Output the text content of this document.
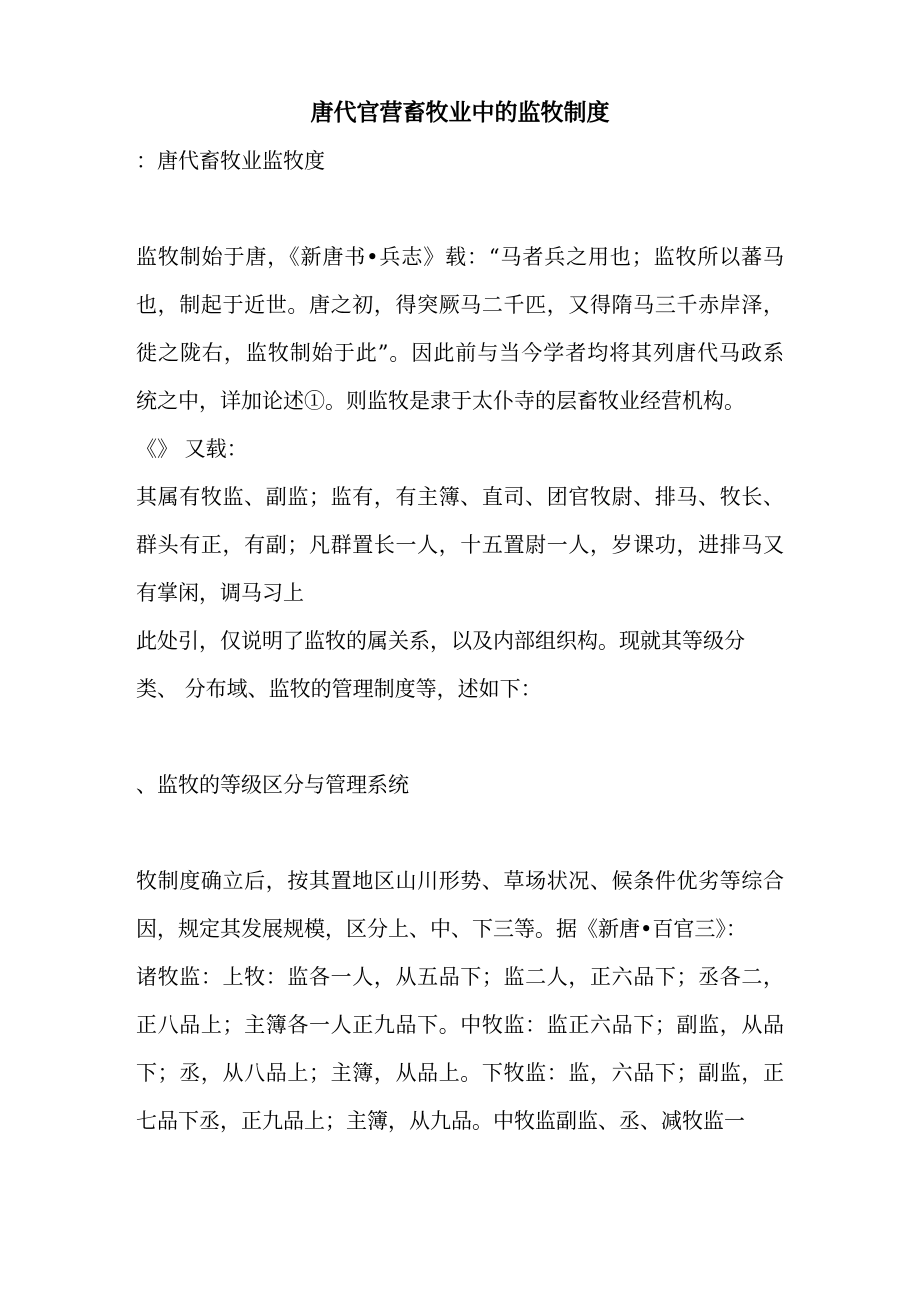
唐代官营畜牧业中的监牧制度

：唐代畜牧业监牧度

监牧制始于唐，《新唐书•兵志》载：“马者兵之用也；监牧所以蕃马

也，制起于近世。唐之初，得突厥马二千匹，又得隋马三千赤岸泽，

徙之陇右，监牧制始于此”。因此前与当今学者均将其列唐代马政系

统之中，详加论述①。则监牧是隶于太仆寺的层畜牧业经营机构。

《》 又载：

其属有牧监、副监；监有，有主簿、直司、团官牧尉、排马、牧长、

群头有正，有副；凡群置长一人，十五置尉一人，岁课功，进排马又

有掌闲，调马习上

此处引，仅说明了监牧的属关系，以及内部组织构。现就其等级分

类、 分布域、监牧的管理制度等，述如下：

、监牧的等级区分与管理系统

牧制度确立后，按其置地区山川形势、草场状况、候条件优劣等综合

因，规定其发展规模，区分上、中、下三等。据《新唐•百官三》：

诸牧监：上牧：监各一人，从五品下；监二人，正六品下；丞各二，

正八品上；主簿各一人正九品下。中牧监：监正六品下；副监，从品

下；丞，从八品上；主簿，从品上。下牧监：监，六品下；副监，正

七品下丞，正九品上；主簿，从九品。中牧监副监、丞、减牧监一
